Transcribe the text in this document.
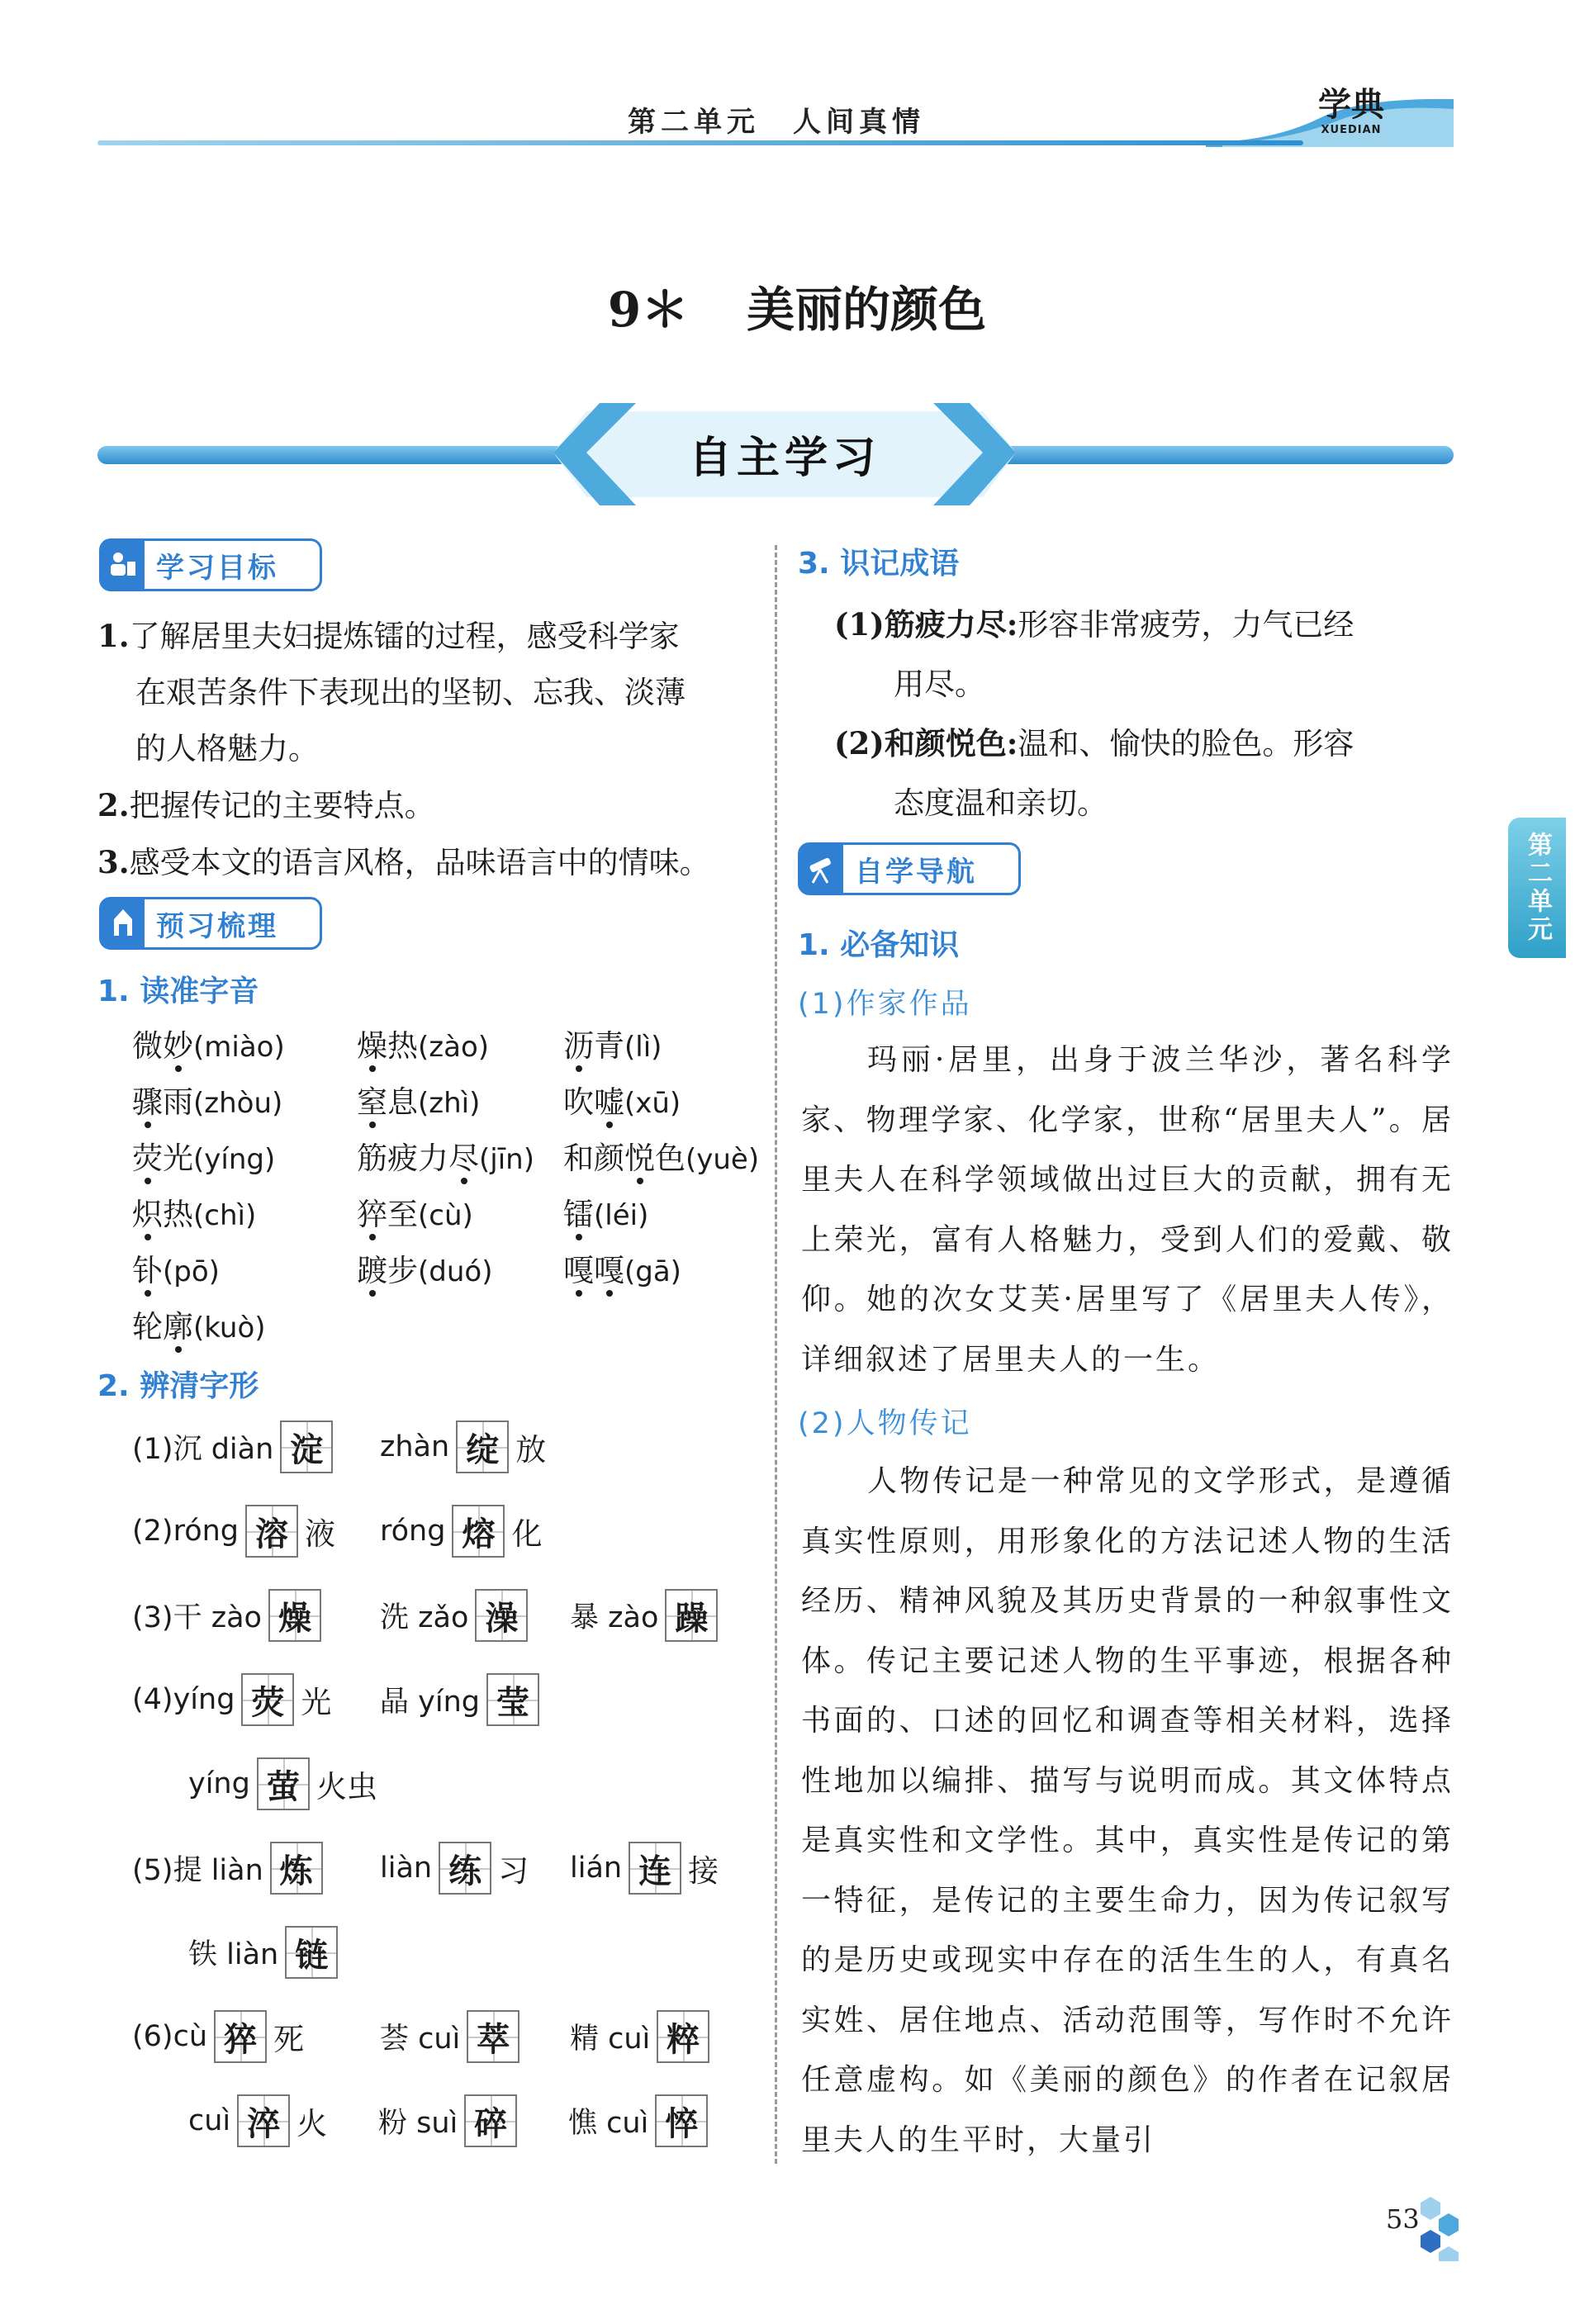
第二单元　人间真情	学典
XUEDIAN
9＊ 美丽的颜色
自主学习
学习目标
1.了解居里夫妇提炼镭的过程，感受科学家
在艰苦条件下表现出的坚韧、忘我、淡薄
的人格魅力。
2.把握传记的主要特点。
3.感受本文的语言风格，品味语言中的情味。
预习梳理
1. 读准字音
微妙(miào) 燥热(zào) 沥青(lì)
骤雨(zhòu) 窒息(zhì)	吹嘘(xū)
荧光(yíng)	筋疲力尽(jīn) 和颜悦色(yuè)
炽热(chì)	猝至(cù)	镭(léi)
钋(pō)	踱步(duó) 嘎嘎(gā)
轮廓(kuò)
2. 辨清字形
(1)沉 diàn 淀	zhàn 绽 放
(2)róng 溶 液 róng 熔 化
(3)干 zào 燥	洗 zǎo 澡	暴 zào 躁
(4)yíng 荧 光 晶 yíng 莹
yíng 萤 火虫
(5)提 liàn 炼	liàn 练 习 lián 连 接
铁 liàn 链
(6)cù 猝 死	荟 cuì 萃	精 cuì 粹
cuì 淬 火 粉 suì 碎	憔 cuì 悴
3. 识记成语
(1)筋疲力尽:形容非常疲劳，力气已经
用尽。
(2)和颜悦色:温和、愉快的脸色。形容
态度温和亲切。
自学导航
1. 必备知识
(1)作家作品
玛丽·居里，出身于波兰华沙，著名科学家、物理学家、化学家，世称“居里夫人”。居里夫人在科学领域做出过巨大的贡献，拥有无上荣光，富有人格魅力，受到人们的爱戴、敬仰。她的次女艾芙·居里写了《居里夫人传》，详细叙述了居里夫人的一生。
(2)人物传记
人物传记是一种常见的文学形式，是遵循真实性原则，用形象化的方法记述人物的生活经历、精神风貌及其历史背景的一种叙事性文体。传记主要记述人物的生平事迹，根据各种书面的、口述的回忆和调查等相关材料，选择性地加以编排、描写与说明而成。其文体特点是真实性和文学性。其中，真实性是传记的第一特征，是传记的主要生命力，因为传记叙写的是历史或现实中存在的活生生的人，有真名实姓、居住地点、活动范围等，写作时不允许任意虚构。如《美丽的颜色》的作者在记叙居里夫人的生平时，大量引
第二单元
53
